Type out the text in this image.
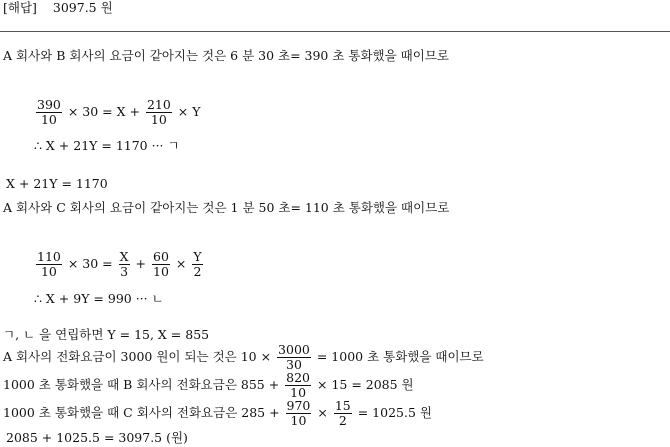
[해답] 3097.5 원
A 회사와 B 회사의 요금이 같아지는 것은 6 분 30 초= 390 초 통화했을 때이므로
$\frac{390}{10} \times 30 = X + \frac{210}{10} \times Y$
∴ X + 21Y = 1170 ··· ㄱ
X + 21Y = 1170
A 회사와 C 회사의 요금이 같아지는 것은 1 분 50 초= 110 초 통화했을 때이므로
$\frac{110}{10} \times 30 = \frac{X}{3} + \frac{60}{10} \times \frac{Y}{2}$
∴ X + 9Y = 990 ··· ㄴ
ㄱ, ㄴ 을 연립하면 Y = 15, X = 855
A 회사의 전화요금이 3000 원이 되는 것은 $10 \times \frac{3000}{30} = 1000$ 초 통화했을 때이므로
1000 초 통화했을 때 B 회사의 전화요금은 $855 + \frac{820}{10} \times 15 = 2085$ 원
1000 초 통화했을 때 C 회사의 전화요금은 $285 + \frac{970}{10} \times \frac{15}{2} = 1025.5$ 원
2085 + 1025.5 = 3097.5 (원)
